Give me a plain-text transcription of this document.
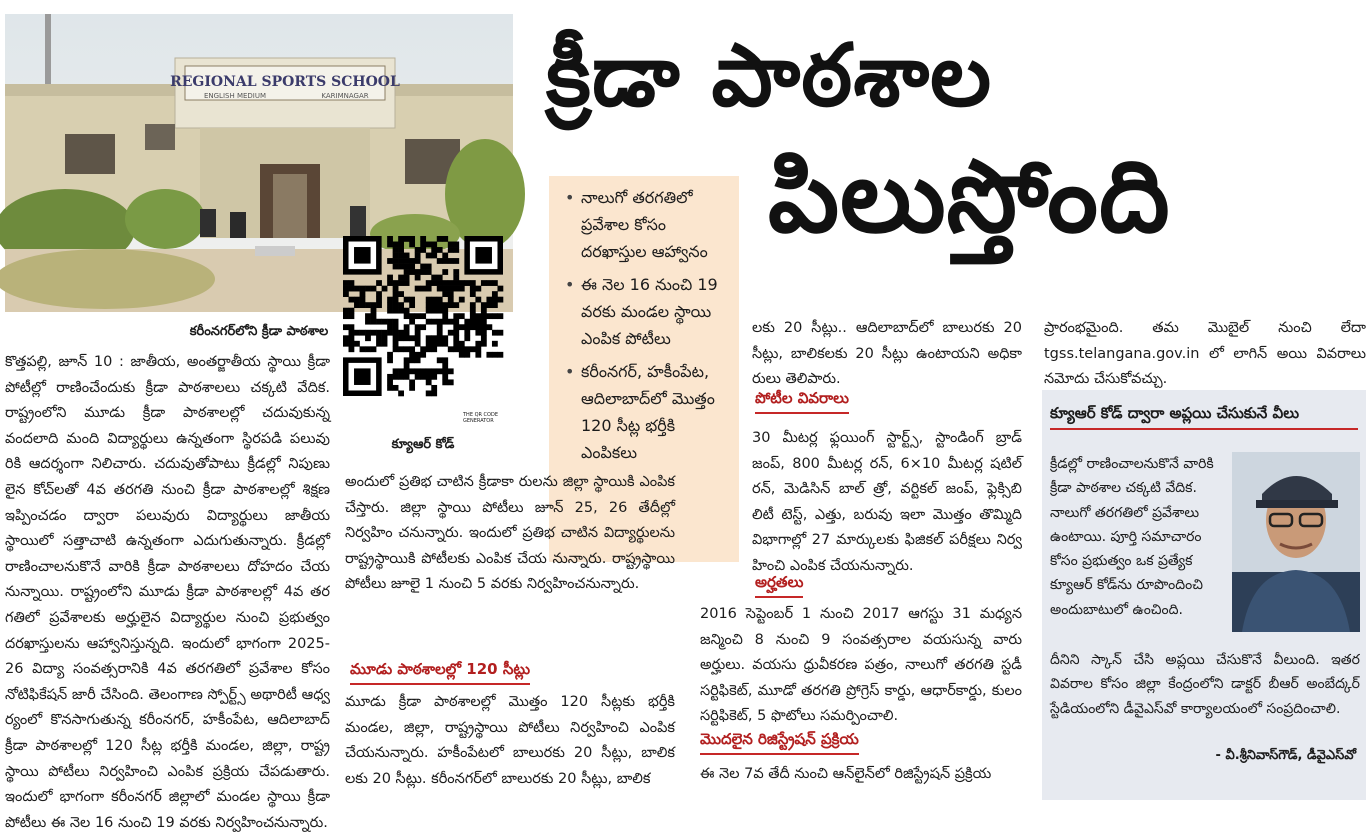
REGIONAL SPORTS SCHOOL
ENGLISH MEDIUM	KARIMNAGAR
కరీంనగర్‌లోని క్రీడా పాఠశాల
THE QR CODE GENERATOR
క్యూఆర్ కోడ్
క్రీడా పాఠశాల
పిలుస్తోంది

కొత్తపల్లి, జూన్ 10 : జాతీయ, అంతర్జాతీయ స్థాయి క్రీడా పోటీల్లో రాణించేందుకు క్రీడా పాఠశాలలు చక్కటి వేదిక. రాష్ట్రంలోని మూడు క్రీడా పాఠశాలల్లో చదువుకున్న వందలాది మంది విద్యార్థులు ఉన్నతంగా స్థిరపడి పలువు రికి ఆదర్శంగా నిలిచారు. చదువుతోపాటు క్రీడల్లో నిపుణు లైన కోచ్‌లతో 4వ తరగతి నుంచి క్రీడా పాఠశాలల్లో శిక్షణ ఇప్పించడం ద్వారా పలువురు విద్యార్థులు జాతీయ స్థాయిలో సత్తాచాటి ఉన్నతంగా ఎదుగుతున్నారు. క్రీడల్లో రాణించాలనుకొనే వారికి క్రీడా పాఠశాలలు దోహదం చేయ నున్నాయి. రాష్ట్రంలోని మూడు క్రీడా పాఠశాలల్లో 4వ తర గతిలో ప్రవేశాలకు అర్హులైన విద్యార్థుల నుంచి ప్రభుత్వం దరఖాస్తులను ఆహ్వానిస్తున్నది. ఇందులో భాగంగా 2025-26 విద్యా సంవత్సరానికి 4వ తరగతిలో ప్రవేశాల కోసం నోటిఫికేషన్ జారీ చేసింది. తెలంగాణ స్పోర్ట్స్ అథారిటీ ఆధ్వ ర్యంలో కొనసాగుతున్న కరీంనగర్, హకీంపేట, ఆదిలాబాద్ క్రీడా పాఠశాలల్లో 120 సీట్ల భర్తీకి మండల, జిల్లా, రాష్ట్ర స్థాయి పోటీలు నిర్వహించి ఎంపిక ప్రక్రియ చేపడుతారు. ఇందులో భాగంగా కరీంనగర్ జిల్లాలో మండల స్థాయి క్రీడా పోటీలు ఈ నెల 16 నుంచి 19 వరకు నిర్వహించనున్నారు.

• నాలుగో తరగతిలో ప్రవేశాల కోసం దరఖాస్తుల ఆహ్వానం
• ఈ నెల 16 నుంచి 19 వరకు మండల స్థాయి ఎంపిక పోటీలు
• కరీంనగర్, హకీంపేట, ఆదిలాబాద్‌లో మొత్తం 120 సీట్ల భర్తీకి ఎంపికలు

అందులో ప్రతిభ చాటిన క్రీడాకా రులను జిల్లా స్థాయికి ఎంపిక చేస్తారు. జిల్లా స్థాయి పోటీలు జూన్ 25, 26 తేదీల్లో నిర్వహిం చనున్నారు. ఇందులో ప్రతిభ చాటిన విద్యార్థులను రాష్ట్రస్థాయికి పోటీలకు ఎంపిక చేయ నున్నారు. రాష్ట్రస్థాయి పోటీలు జూలై 1 నుంచి 5 వరకు నిర్వహించనున్నారు.

మూడు పాఠశాలల్లో 120 సీట్లు

మూడు క్రీడా పాఠశాలల్లో మొత్తం 120 సీట్లకు భర్తీకి మండల, జిల్లా, రాష్ట్రస్థాయి పోటీలు నిర్వహించి ఎంపిక చేయనున్నారు. హకీంపేటలో బాలురకు 20 సీట్లు, బాలిక లకు 20 సీట్లు. కరీంనగర్‌లో బాలురకు 20 సీట్లు, బాలిక

లకు 20 సీట్లు.. ఆదిలాబాద్‌లో బాలురకు 20 సీట్లు, బాలికలకు 20 సీట్లు ఉంటాయని అధికా రులు తెలిపారు.

పోటీల వివరాలు

30 మీటర్ల ఫ్లయింగ్ స్టార్ట్స్, స్టాండింగ్ బ్రాడ్ జంప్, 800 మీటర్ల రన్, 6×10 మీటర్ల షటిల్ రన్, మెడిసిన్ బాల్ త్రో, వర్టికల్ జంప్, ఫ్లెక్సిబి లిటీ టెస్ట్, ఎత్తు, బరువు ఇలా మొత్తం తొమ్మిది విభాగాల్లో 27 మార్కులకు ఫిజికల్ పరీక్షలు నిర్వ హించి ఎంపిక చేయనున్నారు.

అర్హతలు

2016 సెప్టెంబర్ 1 నుంచి 2017 ఆగస్టు 31 మధ్యన జన్మించి 8 నుంచి 9 సంవత్సరాల వయసున్న వారు అర్హులు. వయసు ధ్రువీకరణ పత్రం, నాలుగో తరగతి స్టడీ సర్టిఫికెట్, మూడో తరగతి ప్రోగ్రెస్ కార్డు, ఆధార్‌కార్డు, కులం సర్టిఫికెట్, 5 ఫొటోలు సమర్పించాలి.

మొదలైన రిజిస్ట్రేషన్ ప్రక్రియ

ఈ నెల 7వ తేదీ నుంచి ఆన్‌లైన్‌లో రిజిస్ట్రేషన్ ప్రక్రియ

ప్రారంభమైంది. తమ మొబైల్ నుంచి లేదా tgss.telangana.gov.in లో లాగిన్ అయి వివరాలు నమోదు చేసుకోవచ్చు.

క్యూఆర్ కోడ్ ద్వారా అప్లయి చేసుకునే వీలు
క్రీడల్లో రాణించాలనుకొనే వారికి క్రీడా పాఠశాల చక్కటి వేదిక. నాలుగో తరగతిలో ప్రవేశాలు ఉంటాయి. పూర్తి సమాచారం కోసం ప్రభుత్వం ఒక ప్రత్యేక క్యూఆర్ కోడ్‌ను రూపొందించి అందుబాటులో ఉంచింది.
దీనిని స్కాన్ చేసి అప్లయి చేసుకొనే వీలుంది. ఇతర వివరాల కోసం జిల్లా కేంద్రంలోని డాక్టర్ బీఆర్ అంబేద్కర్ స్టేడియంలోని డీవైఎస్‌వో కార్యాలయంలో సంప్రదించాలి.
- వీ.శ్రీనివాస్‌గౌడ్, డీవైఎస్‌వో
